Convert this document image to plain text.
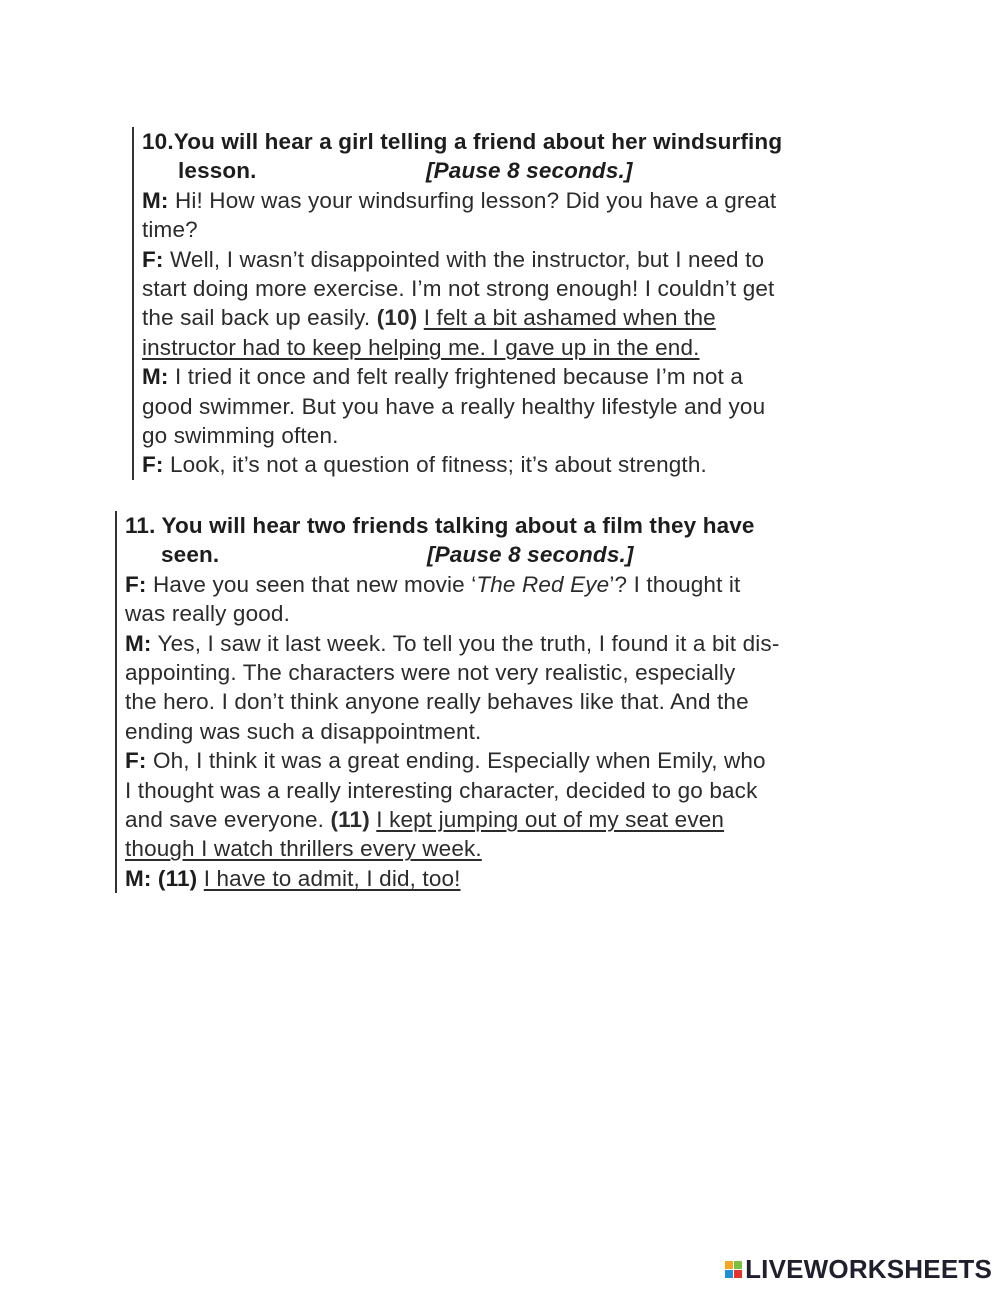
10.You will hear a girl telling a friend about her windsurfing
lesson.	[Pause 8 seconds.]
M: Hi! How was your windsurfing lesson? Did you have a great
time?
F: Well, I wasn’t disappointed with the instructor, but I need to
start doing more exercise. I’m not strong enough! I couldn’t get
the sail back up easily. (10) I felt a bit ashamed when the
instructor had to keep helping me. I gave up in the end.
M: I tried it once and felt really frightened because I’m not a
good swimmer. But you have a really healthy lifestyle and you
go swimming often.
F: Look, it’s not a question of fitness; it’s about strength.
11. You will hear two friends talking about a film they have
seen.	[Pause 8 seconds.]
F: Have you seen that new movie ‘The Red Eye’? I thought it
was really good.
M: Yes, I saw it last week. To tell you the truth, I found it a bit dis-
appointing. The characters were not very realistic, especially
the hero. I don’t think anyone really behaves like that. And the
ending was such a disappointment.
F: Oh, I think it was a great ending. Especially when Emily, who
I thought was a really interesting character, decided to go back
and save everyone. (11) I kept jumping out of my seat even
though I watch thrillers every week.
M: (11) I have to admit, I did, too!
LIVEWORKSHEETS
